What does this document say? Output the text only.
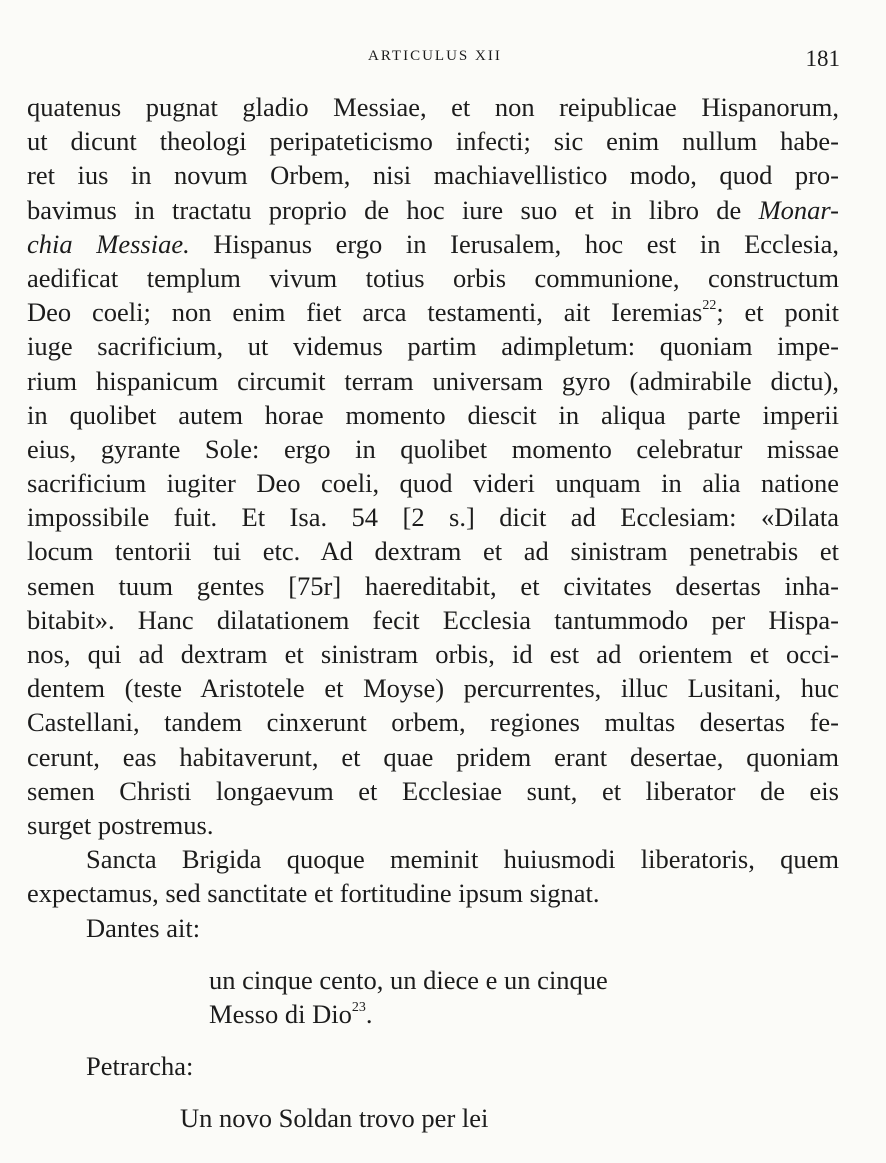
ARTICULUS XII	181
quatenus pugnat gladio Messiae, et non reipublicae Hispanorum,
ut dicunt theologi peripateticismo infecti; sic enim nullum habe-
ret ius in novum Orbem, nisi machiavellistico modo, quod pro-
bavimus in tractatu proprio de hoc iure suo et in libro de Monar-
chia Messiae. Hispanus ergo in Ierusalem, hoc est in Ecclesia,
aedificat templum vivum totius orbis communione, constructum
Deo coeli; non enim fiet arca testamenti, ait Ieremias$^{22}$; et ponit
iuge sacrificium, ut videmus partim adimpletum: quoniam impe-
rium hispanicum circumit terram universam gyro (admirabile dictu),
in quolibet autem horae momento diescit in aliqua parte imperii
eius, gyrante Sole: ergo in quolibet momento celebratur missae
sacrificium iugiter Deo coeli, quod videri unquam in alia natione
impossibile fuit. Et Isa. 54 [2 s.] dicit ad Ecclesiam: «Dilata
locum tentorii tui etc. Ad dextram et ad sinistram penetrabis et
semen tuum gentes [75r] haereditabit, et civitates desertas inha-
bitabit». Hanc dilatationem fecit Ecclesia tantummodo per Hispa-
nos, qui ad dextram et sinistram orbis, id est ad orientem et occi-
dentem (teste Aristotele et Moyse) percurrentes, illuc Lusitani, huc
Castellani, tandem cinxerunt orbem, regiones multas desertas fe-
cerunt, eas habitaverunt, et quae pridem erant desertae, quoniam
semen Christi longaevum et Ecclesiae sunt, et liberator de eis
surget postremus.
Sancta Brigida quoque meminit huiusmodi liberatoris, quem
expectamus, sed sanctitate et fortitudine ipsum signat.
Dantes ait:
un cinque cento, un diece e un cinque
Messo di Dio$^{23}$.
Petrarcha:
Un novo Soldan trovo per lei
